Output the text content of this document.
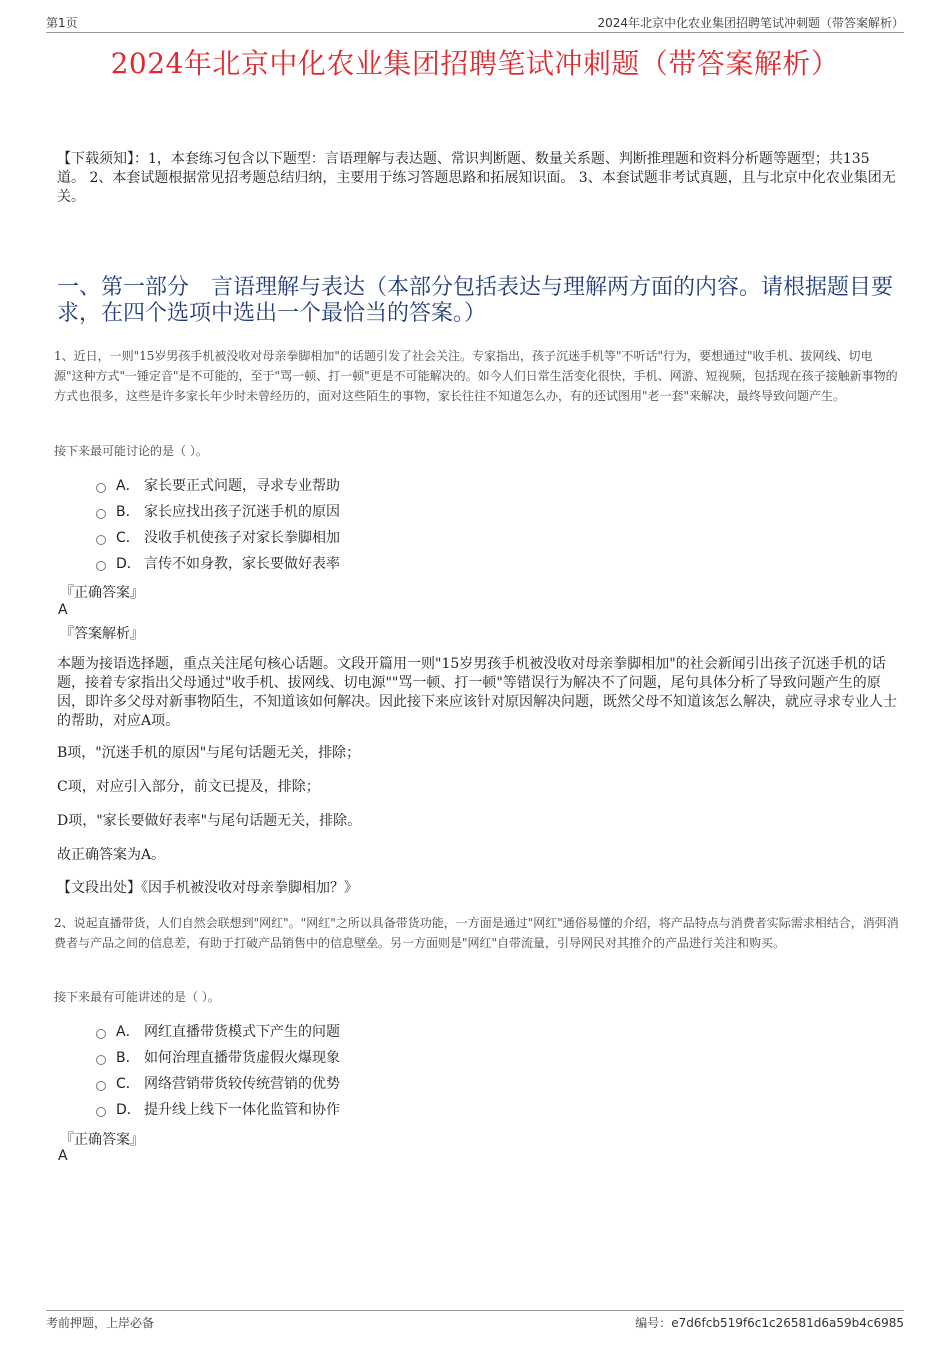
第1页	2024年北京中化农业集团招聘笔试冲刺题（带答案解析）
2024年北京中化农业集团招聘笔试冲刺题（带答案解析）
【下载须知】：1，本套练习包含以下题型：言语理解与表达题、常识判断题、数量关系题、判断推理题和资料分析题等题型；共135道。 2、本套试题根据常见招考题总结归纳，主要用于练习答题思路和拓展知识面。 3、本套试题非考试真题，且与北京中化农业集团无关。
一、第一部分　言语理解与表达（本部分包括表达与理解两方面的内容。请根据题目要求，在四个选项中选出一个最恰当的答案。）
1、近日，一则"15岁男孩手机被没收对母亲拳脚相加"的话题引发了社会关注。专家指出，孩子沉迷手机等"不听话"行为，要想通过"收手机、拔网线、切电源"这种方式"一锤定音"是不可能的，至于"骂一顿、打一顿"更是不可能解决的。如今人们日常生活变化很快，手机、网游、短视频，包括现在孩子接触新事物的方式也很多，这些是许多家长年少时未曾经历的，面对这些陌生的事物，家长往往不知道怎么办，有的还试图用"老一套"来解决，最终导致问题产生。
接下来最可能讨论的是（ ）。
A． 家长要正式问题，寻求专业帮助
B． 家长应找出孩子沉迷手机的原因
C． 没收手机使孩子对家长拳脚相加
D． 言传不如身教，家长要做好表率
『正确答案』
A
『答案解析』
本题为接语选择题，重点关注尾句核心话题。文段开篇用一则"15岁男孩手机被没收对母亲拳脚相加"的社会新闻引出孩子沉迷手机的话题，接着专家指出父母通过"收手机、拔网线、切电源""骂一顿、打一顿"等错误行为解决不了问题，尾句具体分析了导致问题产生的原因，即许多父母对新事物陌生，不知道该如何解决。因此接下来应该针对原因解决问题，既然父母不知道该怎么解决，就应寻求专业人士的帮助，对应A项。
B项，"沉迷手机的原因"与尾句话题无关，排除；
C项，对应引入部分，前文已提及，排除；
D项，"家长要做好表率"与尾句话题无关，排除。
故正确答案为A。
【文段出处】《因手机被没收对母亲拳脚相加？》
2、说起直播带货，人们自然会联想到"网红"。"网红"之所以具备带货功能，一方面是通过"网红"通俗易懂的介绍，将产品特点与消费者实际需求相结合，消弭消费者与产品之间的信息差，有助于打破产品销售中的信息壁垒。另一方面则是"网红"自带流量，引导网民对其推介的产品进行关注和购买。
接下来最有可能讲述的是（ ）。
A． 网红直播带货模式下产生的问题
B． 如何治理直播带货虚假火爆现象
C． 网络营销带货较传统营销的优势
D． 提升线上线下一体化监管和协作
『正确答案』
A
考前押题，上岸必备	编号：e7d6fcb519f6c1c26581d6a59b4c6985
